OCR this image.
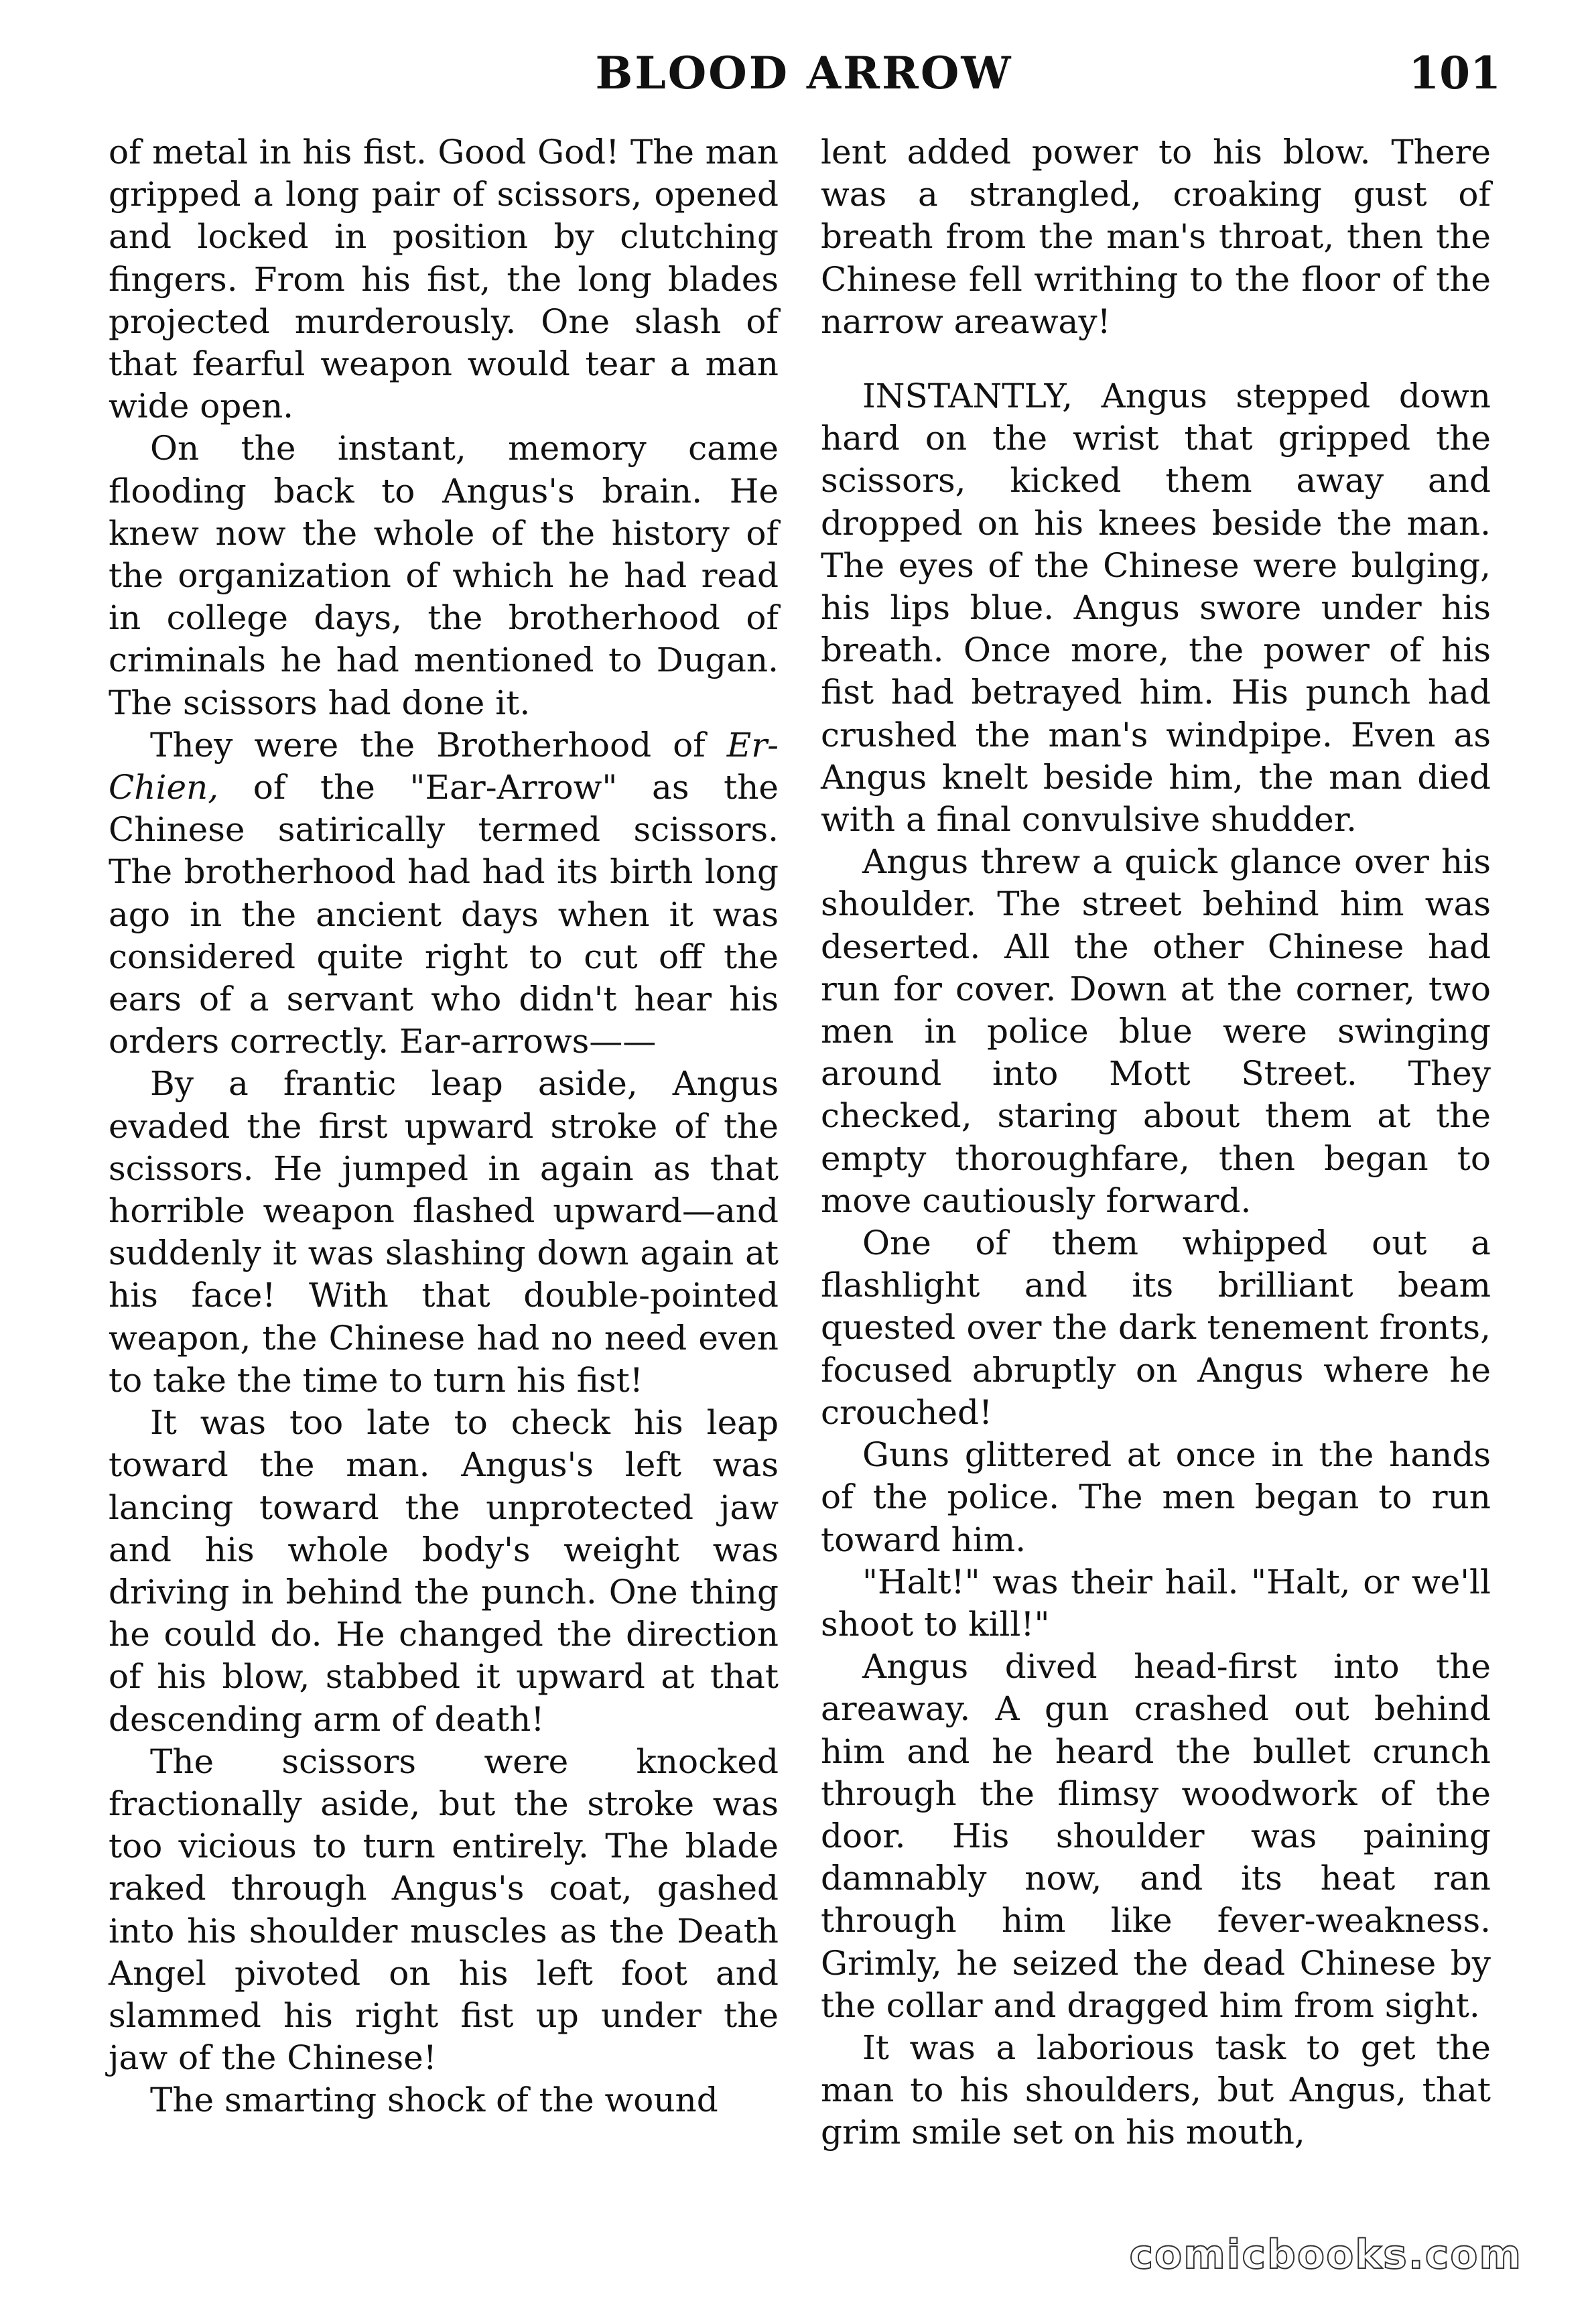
BLOOD ARROW	101

of metal in his fist. Good God! The man gripped a long pair of scissors, opened and locked in position by clutching fingers. From his fist, the long blades projected murderously. One slash of that fearful weapon would tear a man wide open.

On the instant, memory came flooding back to Angus's brain. He knew now the whole of the history of the organization of which he had read in college days, the brotherhood of criminals he had mentioned to Dugan. The scissors had done it.

They were the Brotherhood of Er-Chien, of the "Ear-Arrow" as the Chinese satirically termed scissors. The brotherhood had had its birth long ago in the ancient days when it was considered quite right to cut off the ears of a servant who didn't hear his orders correctly. Ear-arrows——

By a frantic leap aside, Angus evaded the first upward stroke of the scissors. He jumped in again as that horrible weapon flashed upward—and suddenly it was slashing down again at his face! With that double-pointed weapon, the Chinese had no need even to take the time to turn his fist!

It was too late to check his leap toward the man. Angus's left was lancing toward the unprotected jaw and his whole body's weight was driving in behind the punch. One thing he could do. He changed the direction of his blow, stabbed it upward at that descending arm of death!

The scissors were knocked fractionally aside, but the stroke was too vicious to turn entirely. The blade raked through Angus's coat, gashed into his shoulder muscles as the Death Angel pivoted on his left foot and slammed his right fist up under the jaw of the Chinese!

The smarting shock of the wound

lent added power to his blow. There was a strangled, croaking gust of breath from the man's throat, then the Chinese fell writhing to the floor of the narrow areaway!

INSTANTLY, Angus stepped down hard on the wrist that gripped the scissors, kicked them away and dropped on his knees beside the man. The eyes of the Chinese were bulging, his lips blue. Angus swore under his breath. Once more, the power of his fist had betrayed him. His punch had crushed the man's windpipe. Even as Angus knelt beside him, the man died with a final convulsive shudder.

Angus threw a quick glance over his shoulder. The street behind him was deserted. All the other Chinese had run for cover. Down at the corner, two men in police blue were swinging around into Mott Street. They checked, staring about them at the empty thoroughfare, then began to move cautiously forward.

One of them whipped out a flashlight and its brilliant beam quested over the dark tenement fronts, focused abruptly on Angus where he crouched!

Guns glittered at once in the hands of the police. The men began to run toward him.

"Halt!" was their hail. "Halt, or we'll shoot to kill!"

Angus dived head-first into the areaway. A gun crashed out behind him and he heard the bullet crunch through the flimsy woodwork of the door. His shoulder was paining damnably now, and its heat ran through him like fever-weakness. Grimly, he seized the dead Chinese by the collar and dragged him from sight.

It was a laborious task to get the man to his shoulders, but Angus, that grim smile set on his mouth,

comicbooks.com
